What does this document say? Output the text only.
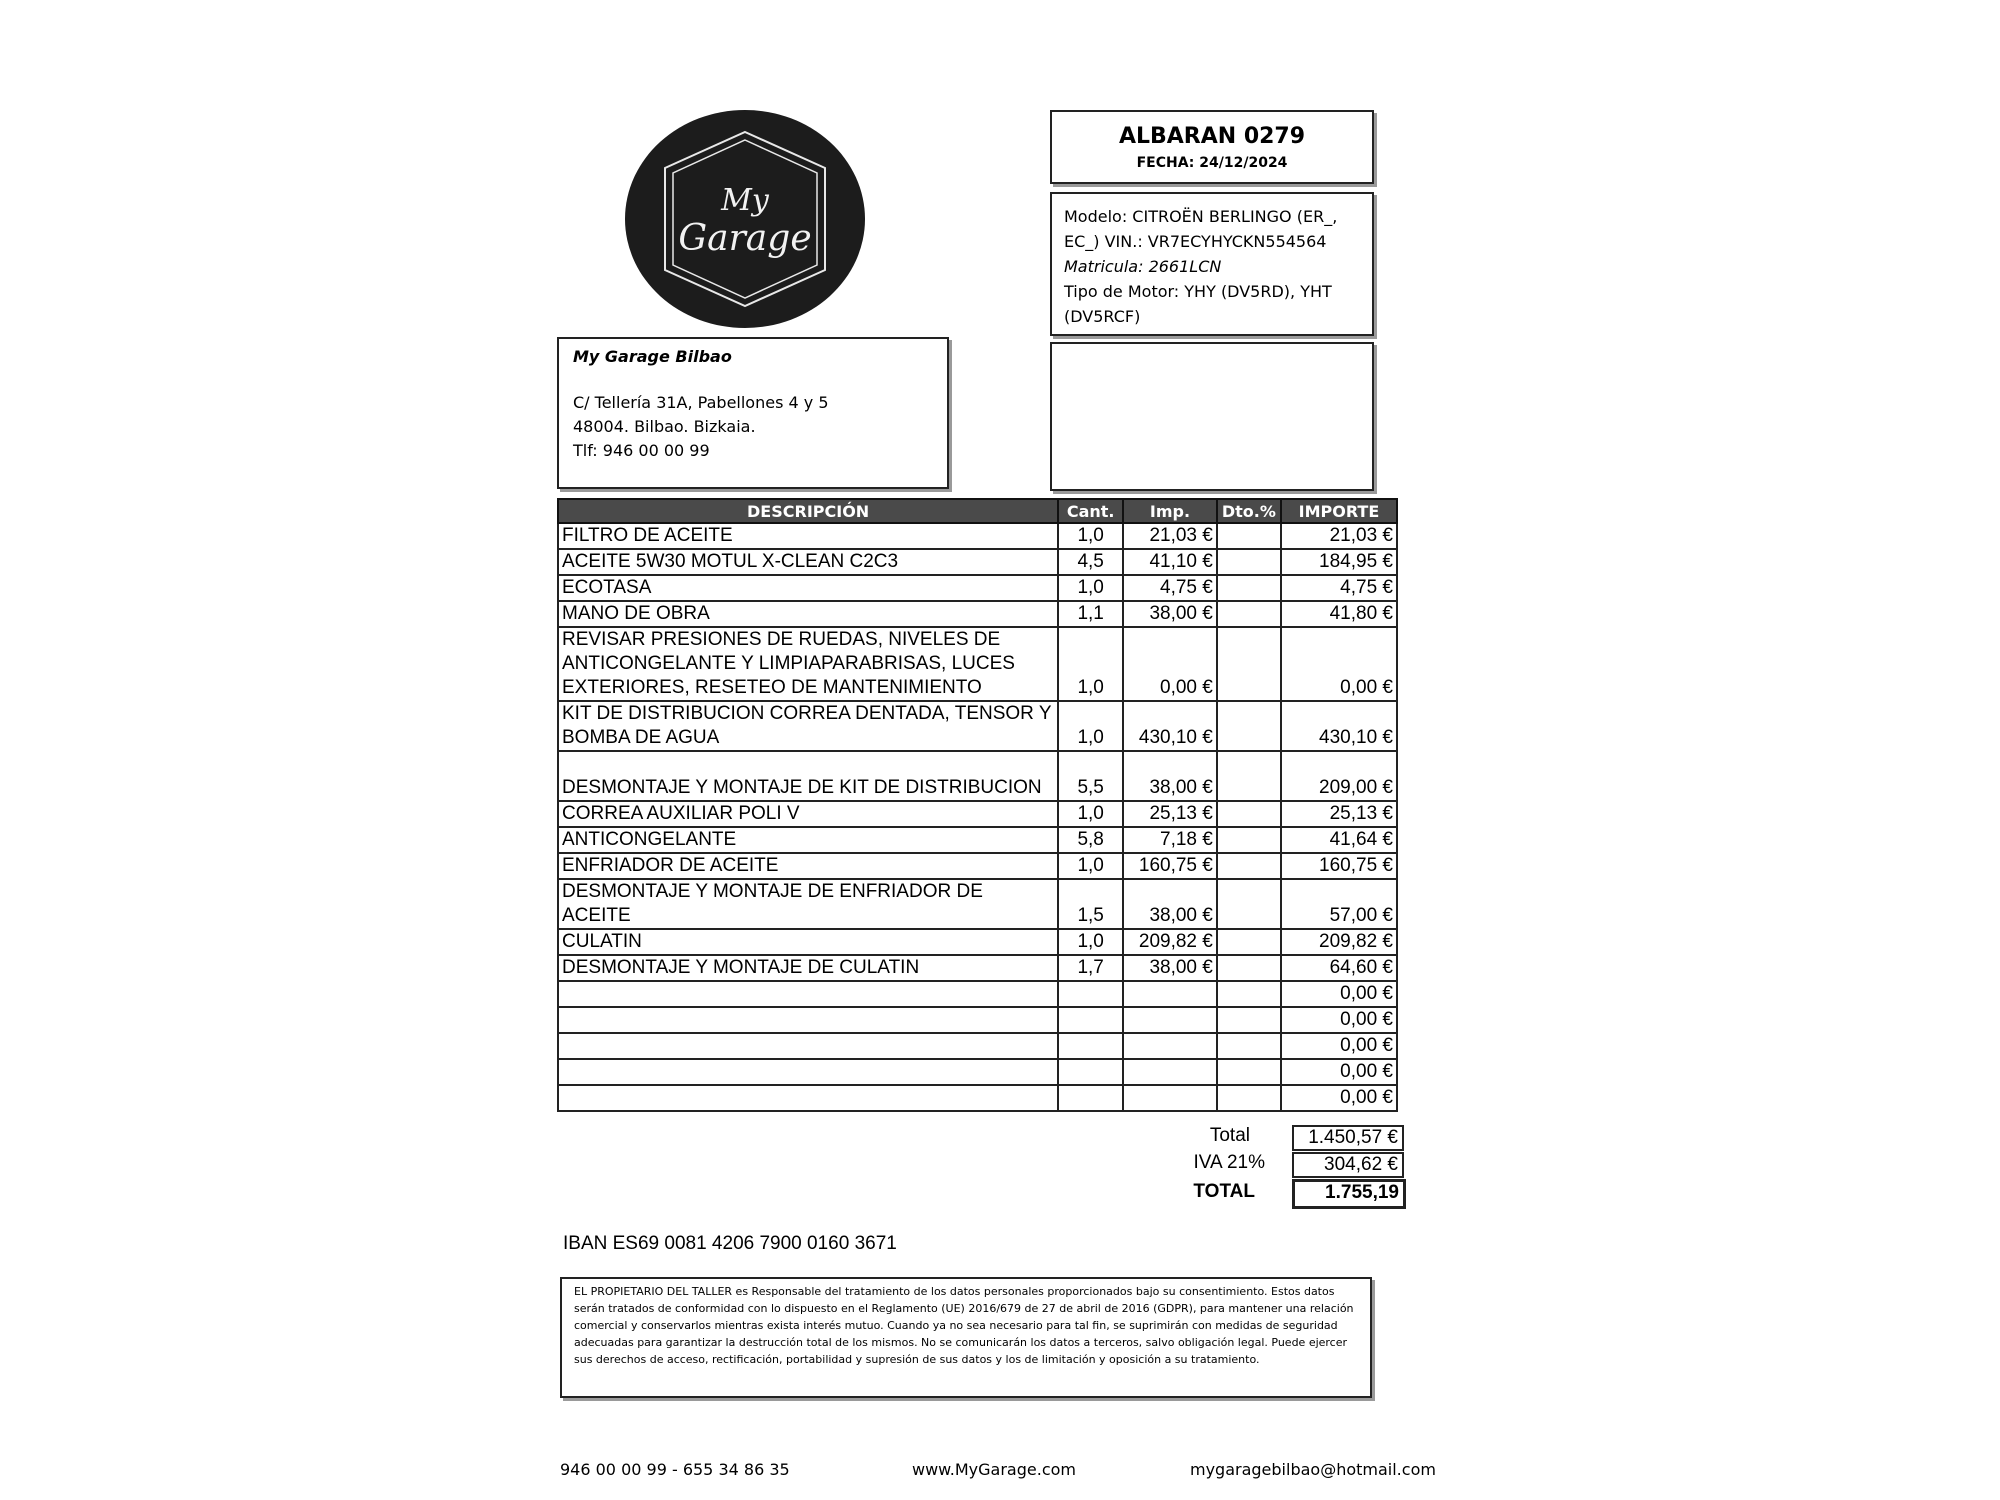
My
Garage
ALBARAN 0279
FECHA: 24/12/2024
Modelo: CITROËN BERLINGO (ER_,
EC_) VIN.: VR7ECYHYCKN554564
Matricula: 2661LCN
Tipo de Motor: YHY (DV5RD), YHT
(DV5RCF)
My Garage Bilbao
C/ Tellería 31A, Pabellones 4 y 5
48004. Bilbao. Bizkaia.
Tlf: 946 00 00 99
DESCRIPCIÓN	Cant.	Imp.	Dto.%	IMPORTE
FILTRO DE ACEITE	1,0	21,03 €		21,03 €
ACEITE 5W30 MOTUL X-CLEAN C2C3	4,5	41,10 €		184,95 €
ECOTASA	1,0	4,75 €		4,75 €
MANO DE OBRA	1,1	38,00 €		41,80 €
REVISAR PRESIONES DE RUEDAS, NIVELES DE ANTICONGELANTE Y LIMPIAPARABRISAS, LUCES EXTERIORES, RESETEO DE MANTENIMIENTO	1,0	0,00 €		0,00 €
KIT DE DISTRIBUCION CORREA DENTADA, TENSOR Y BOMBA DE AGUA	1,0	430,10 €		430,10 €
DESMONTAJE Y MONTAJE DE KIT DE DISTRIBUCION	5,5	38,00 €		209,00 €
CORREA AUXILIAR POLI V	1,0	25,13 €		25,13 €
ANTICONGELANTE	5,8	7,18 €		41,64 €
ENFRIADOR DE ACEITE	1,0	160,75 €		160,75 €
DESMONTAJE Y MONTAJE DE ENFRIADOR DE ACEITE	1,5	38,00 €		57,00 €
CULATIN	1,0	209,82 €		209,82 €
DESMONTAJE Y MONTAJE DE CULATIN	1,7	38,00 €		64,60 €
				0,00 €
				0,00 €
				0,00 €
				0,00 €
				0,00 €
Total	1.450,57 €
IVA 21%	304,62 €
TOTAL	1.755,19
IBAN ES69 0081 4206 7900 0160 3671
EL PROPIETARIO DEL TALLER es Responsable del tratamiento de los datos personales proporcionados bajo su consentimiento. Estos datos serán tratados de conformidad con lo dispuesto en el Reglamento (UE) 2016/679 de 27 de abril de 2016 (GDPR), para mantener una relación comercial y conservarlos mientras exista interés mutuo. Cuando ya no sea necesario para tal fin, se suprimirán con medidas de seguridad adecuadas para garantizar la destrucción total de los mismos. No se comunicarán los datos a terceros, salvo obligación legal. Puede ejercer sus derechos de acceso, rectificación, portabilidad y supresión de sus datos y los de limitación y oposición a su tratamiento.
946 00 00 99 - 655 34 86 35	www.MyGarage.com	mygaragebilbao@hotmail.com
